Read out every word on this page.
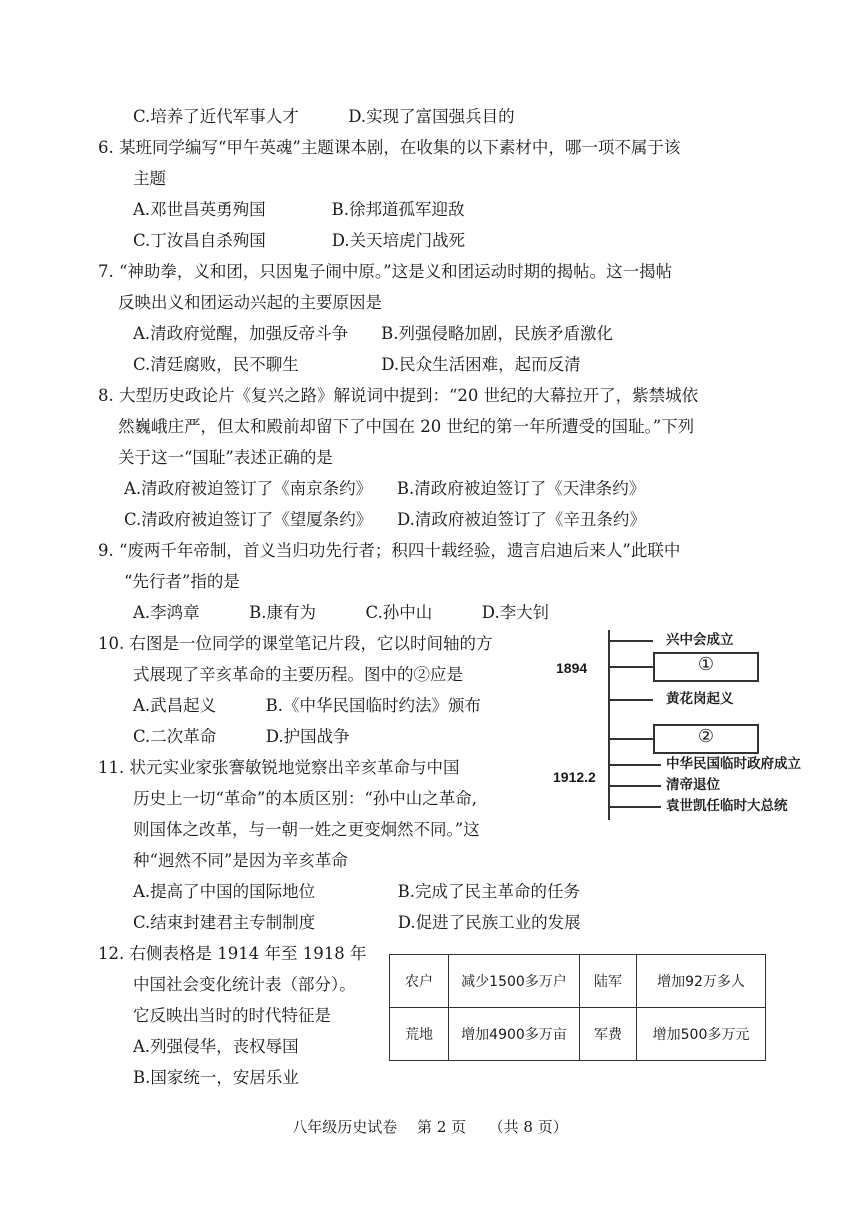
C.培养了近代军事人才　　　D.实现了富国强兵目的
6. 某班同学编写“甲午英魂”主题课本剧，在收集的以下素材中，哪一项不属于该
主题
A.邓世昌英勇殉国　　　　B.徐邦道孤军迎敌
C.丁汝昌自杀殉国　　　　D.关天培虎门战死
7. “神助拳，义和团，只因鬼子闹中原。”这是义和团运动时期的揭帖。这一揭帖
反映出义和团运动兴起的主要原因是
A.清政府觉醒，加强反帝斗争　　B.列强侵略加剧，民族矛盾激化
C.清廷腐败，民不聊生　　　　　D.民众生活困难，起而反清
8. 大型历史政论片《复兴之路》解说词中提到：“20 世纪的大幕拉开了，紫禁城依
然巍峨庄严，但太和殿前却留下了中国在 20 世纪的第一年所遭受的国耻。”下列
关于这一“国耻”表述正确的是
A.清政府被迫签订了《南京条约》　　B.清政府被迫签订了《天津条约》
C.清政府被迫签订了《望厦条约》　　D.清政府被迫签订了《辛丑条约》
9. “废两千年帝制，首义当归功先行者；积四十载经验，遗言启迪后来人”此联中
“先行者”指的是
A.李鸿章　　　B.康有为　　　C.孙中山　　　D.李大钊
10. 右图是一位同学的课堂笔记片段，它以时间轴的方
式展现了辛亥革命的主要历程。图中的②应是
A.武昌起义　　　B.《中华民国临时约法》颁布
C.二次革命　　　D.护国战争
11. 状元实业家张謇敏锐地觉察出辛亥革命与中国
历史上一切“革命”的本质区别：“孙中山之革命,
则国体之改革，与一朝一姓之更变炯然不同。”这
种“迥然不同”是因为辛亥革命
A.提高了中国的国际地位　　　　　B.完成了民主革命的任务
C.结束封建君主专制制度　　　　　D.促进了民族工业的发展
12. 右侧表格是 1914 年至 1918 年
中国社会变化统计表（部分）。
它反映出当时的时代特征是
A.列强侵华，丧权辱国
B.国家统一，安居乐业
1894
1912.2
兴中会成立
①
黄花岗起义
②
中华民国临时政府成立
清帝退位
袁世凯任临时大总统
农户	减少1500多万户	陆军	增加92万多人
荒地	增加4900多万亩	军费	增加500多万元
八年级历史试卷　 第 2 页　　（共 8 页）
